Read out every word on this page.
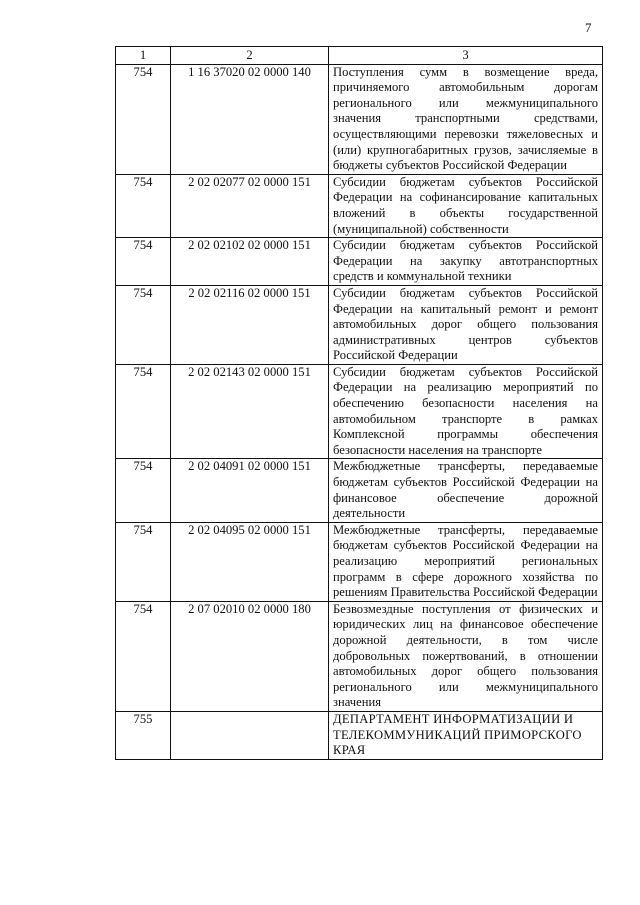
7
1	2	3
754	1 16 37020 02 0000 140	Поступления сумм в возмещение вреда, причиняемого автомобильным дорогам регионального или межмуниципального значения транспортными средствами, осуществляющими перевозки тяжеловесных и (или) крупногабаритных грузов, зачисляемые в бюджеты субъектов Российской Федерации
754	2 02 02077 02 0000 151	Субсидии бюджетам субъектов Российской Федерации на софинансирование капитальных вложений в объекты государственной (муниципальной) собственности
754	2 02 02102 02 0000 151	Субсидии бюджетам субъектов Российской Федерации на закупку автотранспортных средств и коммунальной техники
754	2 02 02116 02 0000 151	Субсидии бюджетам субъектов Российской Федерации на капитальный ремонт и ремонт автомобильных дорог общего пользования административных центров субъектов Российской Федерации
754	2 02 02143 02 0000 151	Субсидии бюджетам субъектов Российской Федерации на реализацию мероприятий по обеспечению безопасности населения на автомобильном транспорте в рамках Комплексной программы обеспечения безопасности населения на транспорте
754	2 02 04091 02 0000 151	Межбюджетные трансферты, передаваемые бюджетам субъектов Российской Федерации на финансовое обеспечение дорожной деятельности
754	2 02 04095 02 0000 151	Межбюджетные трансферты, передаваемые бюджетам субъектов Российской Федерации на реализацию мероприятий региональных программ в сфере дорожного хозяйства по решениям Правительства Российской Федерации
754	2 07 02010 02 0000 180	Безвозмездные поступления от физических и юридических лиц на финансовое обеспечение дорожной деятельности, в том числе добровольных пожертвований, в отношении автомобильных дорог общего пользования регионального или межмуниципального значения
755		ДЕПАРТАМЕНТ ИНФОРМАТИЗАЦИИ И ТЕЛЕКОММУНИКАЦИЙ ПРИМОРСКОГО КРАЯ
